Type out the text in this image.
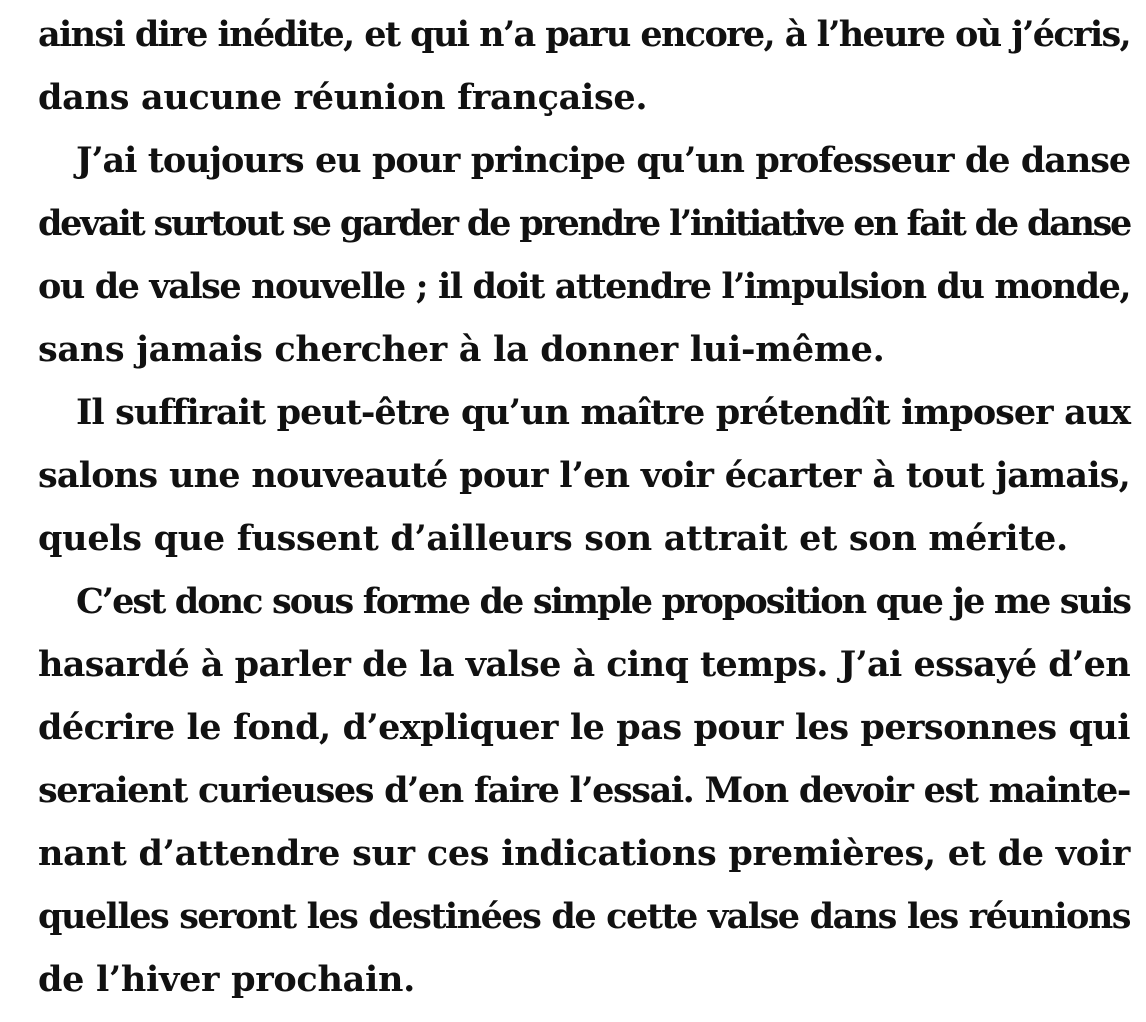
ainsi dire inédite, et qui n’a paru encore, à l’heure où j’écris,
dans aucune réunion française.
J’ai toujours eu pour principe qu’un professeur de danse
devait surtout se garder de prendre l’initiative en fait de danse
ou de valse nouvelle ; il doit attendre l’impulsion du monde,
sans jamais chercher à la donner lui-même.
Il suffirait peut-être qu’un maître prétendît imposer aux
salons une nouveauté pour l’en voir écarter à tout jamais,
quels que fussent d’ailleurs son attrait et son mérite.
C’est donc sous forme de simple proposition que je me suis
hasardé à parler de la valse à cinq temps. J’ai essayé d’en
décrire le fond, d’expliquer le pas pour les personnes qui
seraient curieuses d’en faire l’essai. Mon devoir est mainte-
nant d’attendre sur ces indications premières, et de voir
quelles seront les destinées de cette valse dans les réunions
de l’hiver prochain.
